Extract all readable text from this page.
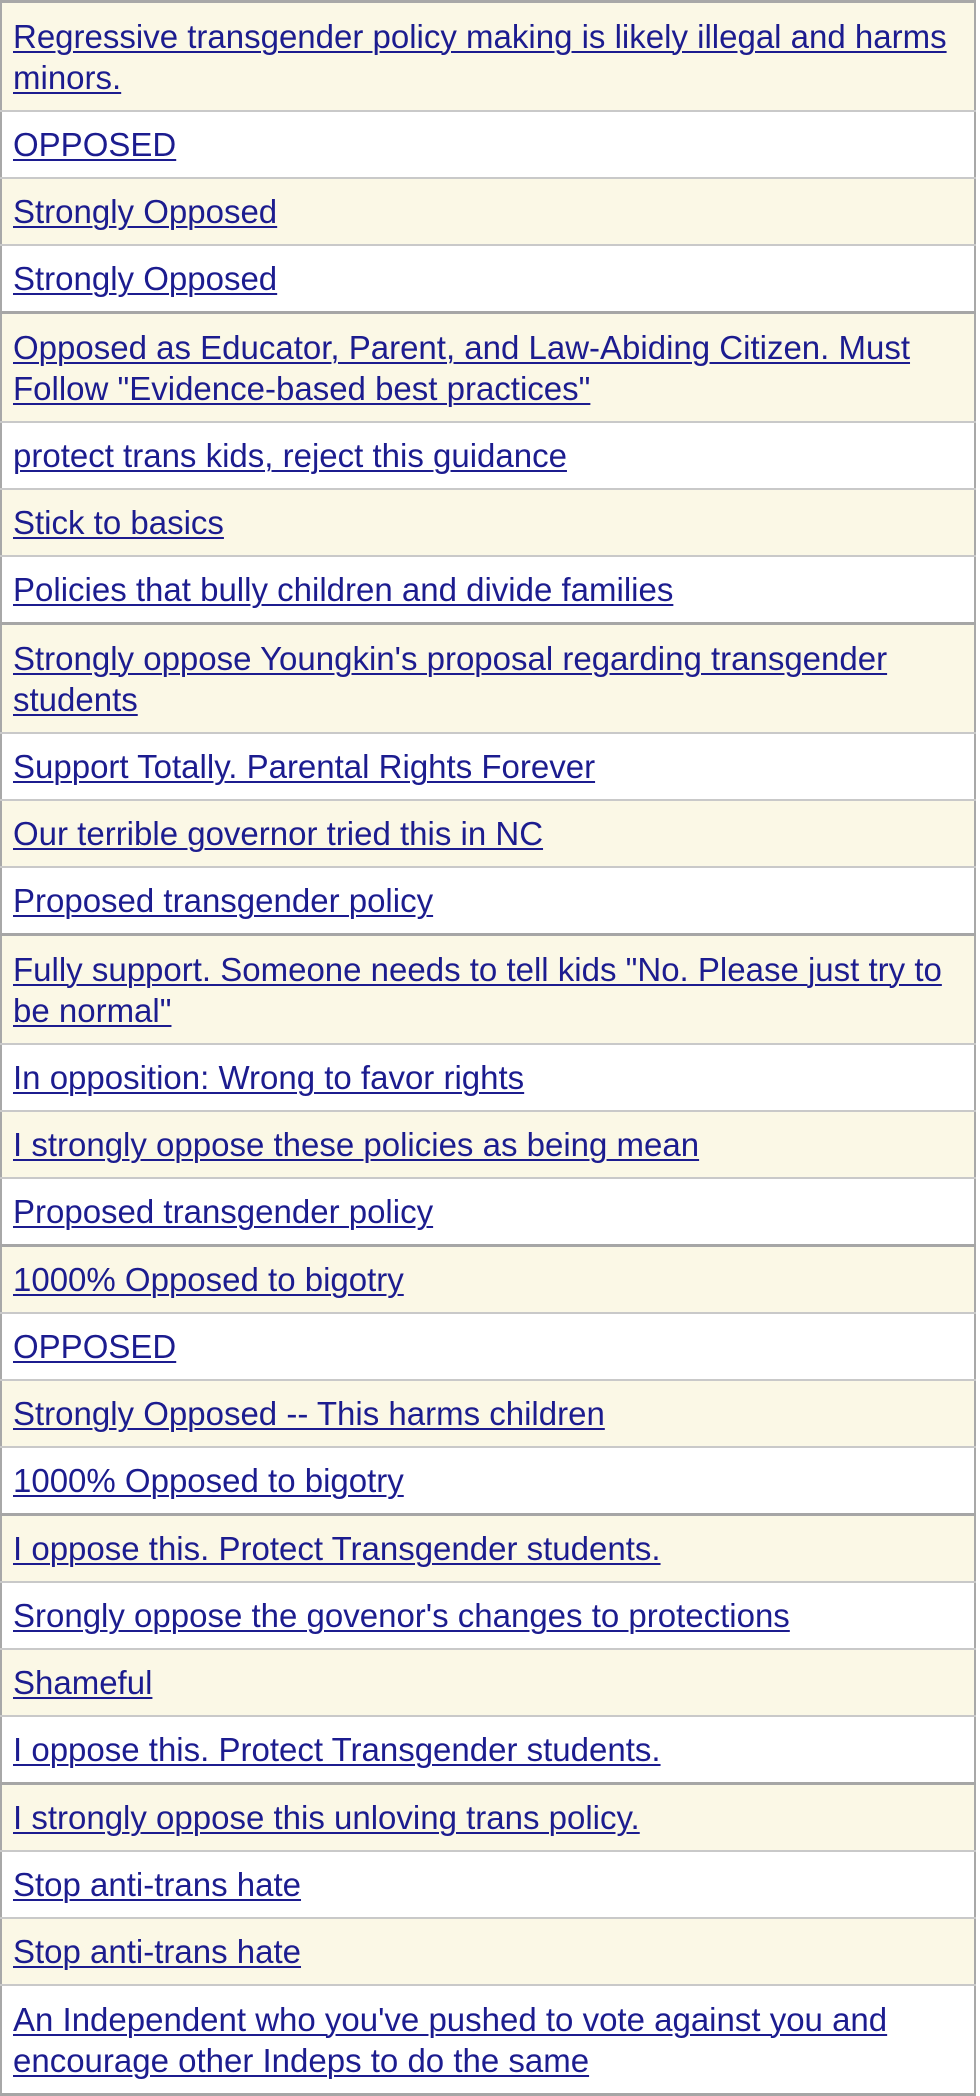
Regressive transgender policy making is likely illegal and harms minors.
OPPOSED
Strongly Opposed
Strongly Opposed
Opposed as Educator, Parent, and Law-Abiding Citizen. Must Follow "Evidence-based best practices"
protect trans kids, reject this guidance
Stick to basics
Policies that bully children and divide families
Strongly oppose Youngkin's proposal regarding transgender students
Support Totally. Parental Rights Forever
Our terrible governor tried this in NC
Proposed transgender policy
Fully support. Someone needs to tell kids "No. Please just try to be normal"
In opposition: Wrong to favor rights
I strongly oppose these policies as being mean
Proposed transgender policy
1000% Opposed to bigotry
OPPOSED
Strongly Opposed -- This harms children
1000% Opposed to bigotry
I oppose this. Protect Transgender students.
Srongly oppose the govenor's changes to protections
Shameful
I oppose this. Protect Transgender students.
I strongly oppose this unloving trans policy.
Stop anti-trans hate
Stop anti-trans hate
An Independent who you've pushed to vote against you and encourage other Indeps to do the same
